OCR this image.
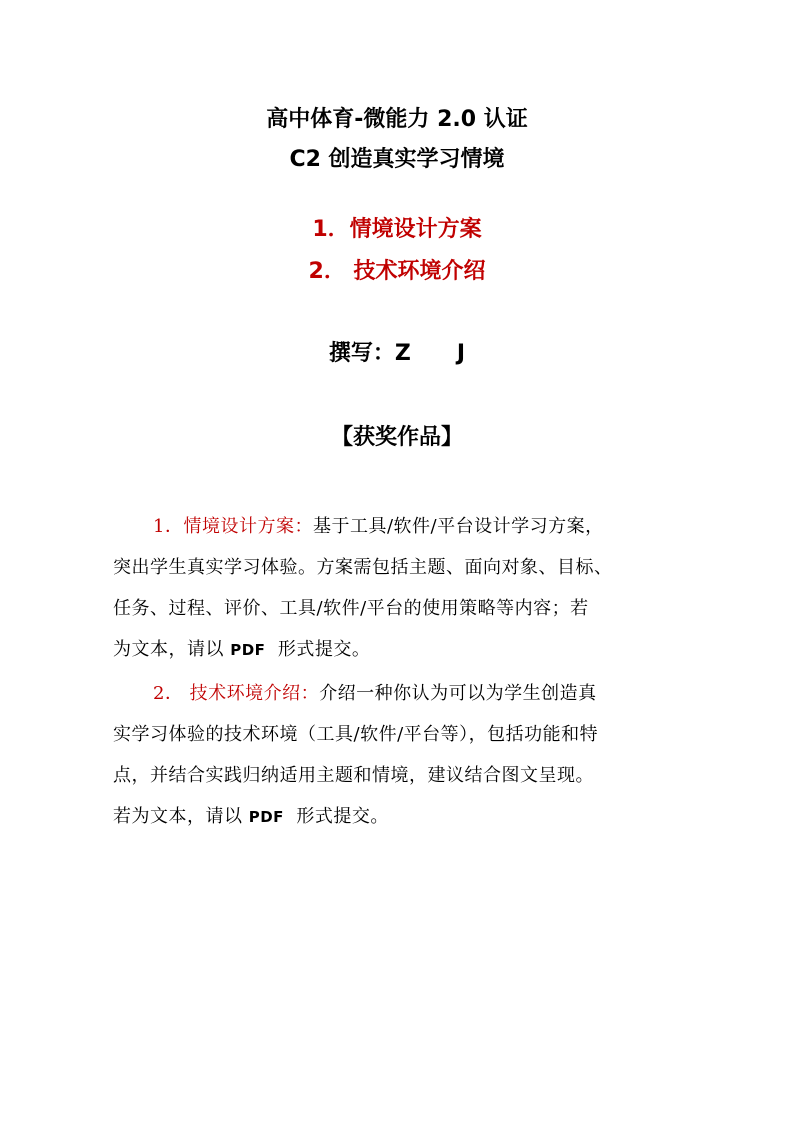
高中体育-微能力 2.0 认证
C2 创造真实学习情境
1．情境设计方案
2． 技术环境介绍
撰写：Z J
【获奖作品】
1．情境设计方案：基于工具/软件/平台设计学习方案，
突出学生真实学习体验。方案需包括主题、面向对象、目标、
任务、过程、评价、工具/软件/平台的使用策略等内容；若
为文本，请以 PDF 形式提交。
2． 技术环境介绍：介绍一种你认为可以为学生创造真
实学习体验的技术环境（工具/软件/平台等），包括功能和特
点，并结合实践归纳适用主题和情境，建议结合图文呈现。
若为文本，请以 PDF 形式提交。
